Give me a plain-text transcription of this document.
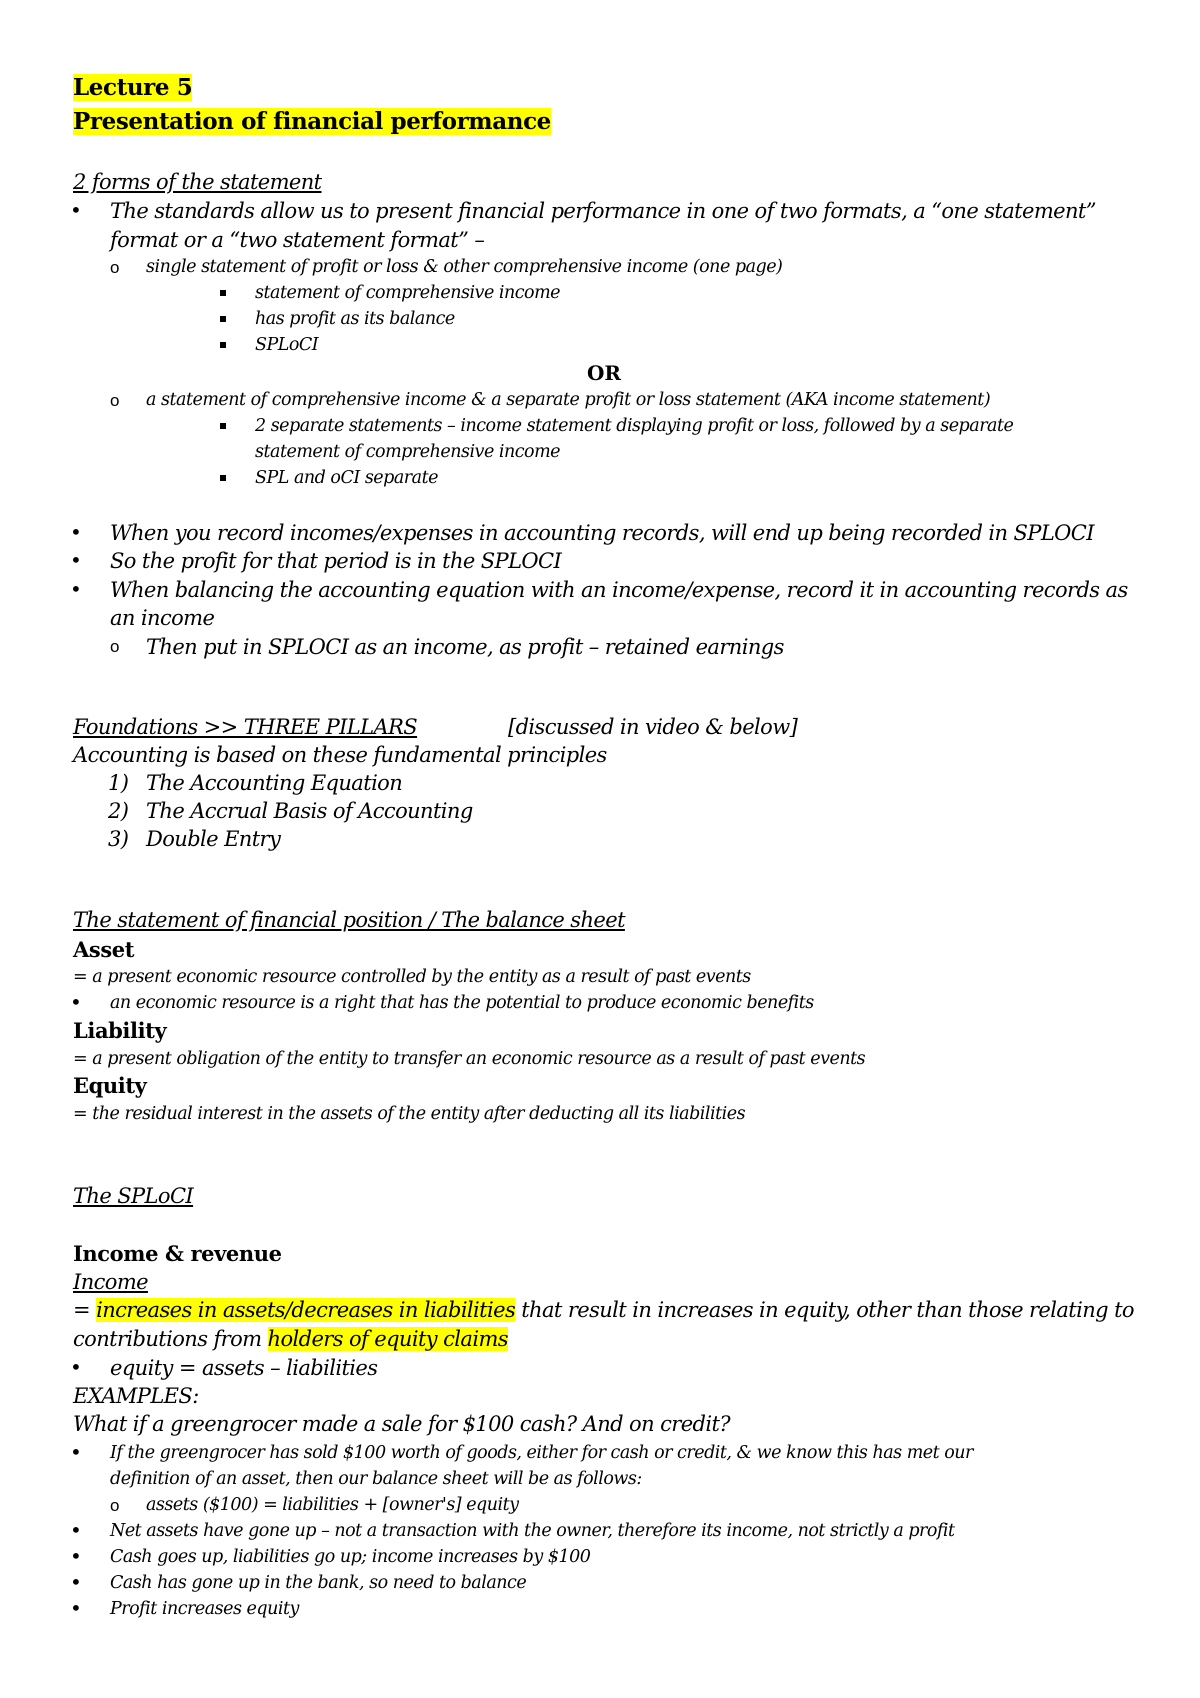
Lecture 5
Presentation of financial performance
2 forms of the statement
• The standards allow us to present financial performance in one of two formats, a “one statement”
format or a “two statement format” –
o single statement of profit or loss & other comprehensive income (one page)
statement of comprehensive income
has profit as its balance
SPLoCI
OR
o a statement of comprehensive income & a separate profit or loss statement (AKA income statement)
2 separate statements – income statement displaying profit or loss, followed by a separate
statement of comprehensive income
SPL and oCI separate
• When you record incomes/expenses in accounting records, will end up being recorded in SPLOCI
• So the profit for that period is in the SPLOCI
• When balancing the accounting equation with an income/expense, record it in accounting records as
an income
o Then put in SPLOCI as an income, as profit – retained earnings
Foundations >> THREE PILLARS	[discussed in video & below]
Accounting is based on these fundamental principles
1) The Accounting Equation
2) The Accrual Basis of Accounting
3) Double Entry
The statement of financial position / The balance sheet
Asset
= a present economic resource controlled by the entity as a result of past events
• an economic resource is a right that has the potential to produce economic benefits
Liability
= a present obligation of the entity to transfer an economic resource as a result of past events
Equity
= the residual interest in the assets of the entity after deducting all its liabilities
The SPLoCI
Income & revenue
Income
= increases in assets/decreases in liabilities that result in increases in equity, other than those relating to
contributions from holders of equity claims
• equity = assets – liabilities
EXAMPLES:
What if a greengrocer made a sale for $100 cash? And on credit?
• If the greengrocer has sold $100 worth of goods, either for cash or credit, & we know this has met our
definition of an asset, then our balance sheet will be as follows:
o assets ($100) = liabilities + [owner's] equity
• Net assets have gone up – not a transaction with the owner, therefore its income, not strictly a profit
• Cash goes up, liabilities go up; income increases by $100
• Cash has gone up in the bank, so need to balance
• Profit increases equity
